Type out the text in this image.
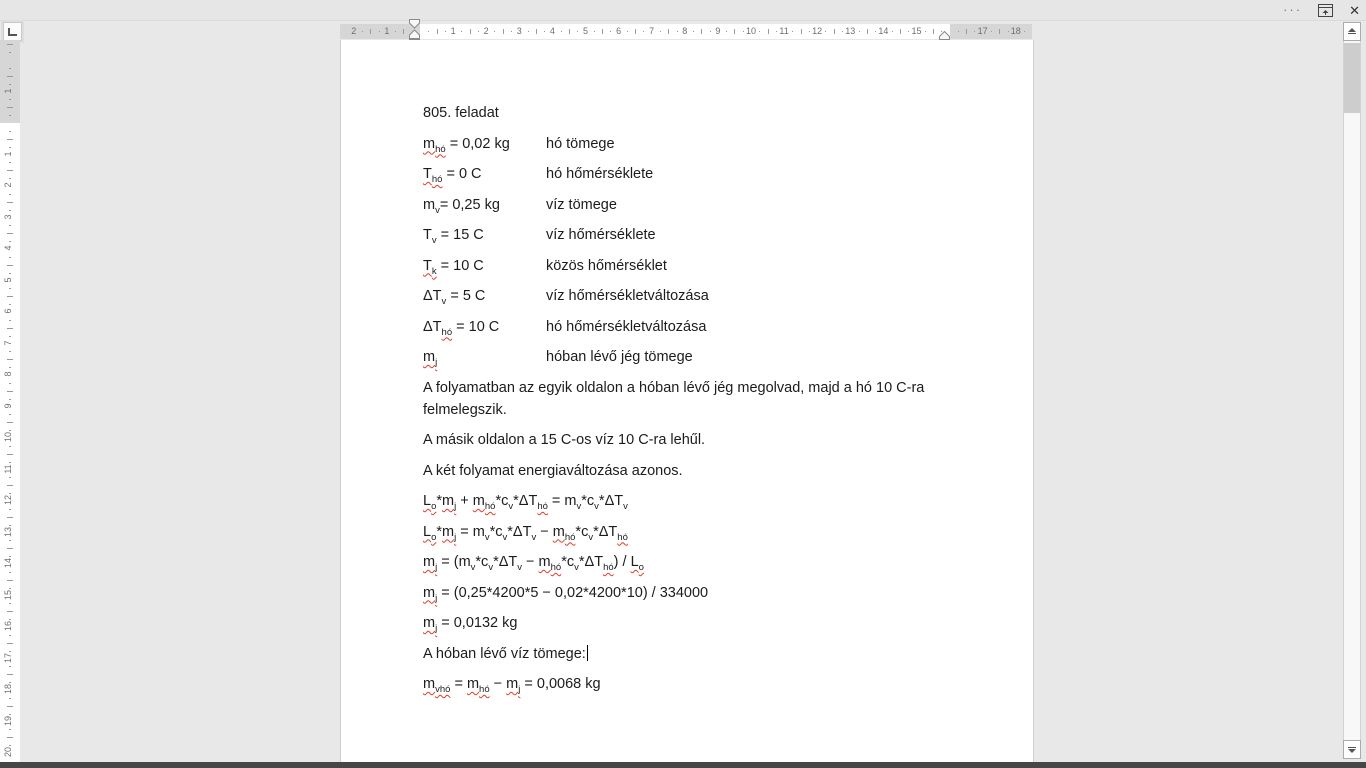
···	✕
2	1	1	2	3	4	5	6	7	8	9	10	11	12	13	14	15	17	18
1
1
2
3
4
5
6
7
8
9
10
11
12
13
14
15
16
17
18
19
20
805. feladat
$m_{hó} = 0,02$ kg	hó tömege
$T_{hó} = 0$ C	hó hőmérséklete
$m_v= 0,25$ kg	víz tömege
$T_v = 15$ C	víz hőmérséklete
$T_k = 10$ C	közös hőmérséklet
$\Delta T_v = 5$ C	víz hőmérsékletváltozása
$\Delta T_{hó} = 10$ C	hó hőmérsékletváltozása
$m_j$	hóban lévő jég tömege
A folyamatban az egyik oldalon a hóban lévő jég megolvad, majd a hó 10 C-ra felmelegszik.
A másik oldalon a 15 C-os víz 10 C-ra lehűl.
A két folyamat energiaváltozása azonos.
$L_o*m_j + m_{hó}*c_v*\Delta T_{hó} = m_v*c_v*\Delta T_v$
$L_o*m_j = m_v*c_v*\Delta T_v - m_{hó}*c_v*\Delta T_{hó}$
$m_j = (m_v*c_v*\Delta T_v - m_{hó}*c_v*\Delta T_{hó}) / L_o$
$m_j = (0,25*4200*5 - 0,02*4200*10) / 334000$
$m_j = 0,0132$ kg
A hóban lévő víz tömege:
$m_{vhó} = m_{hó} - m_j = 0,0068$ kg
